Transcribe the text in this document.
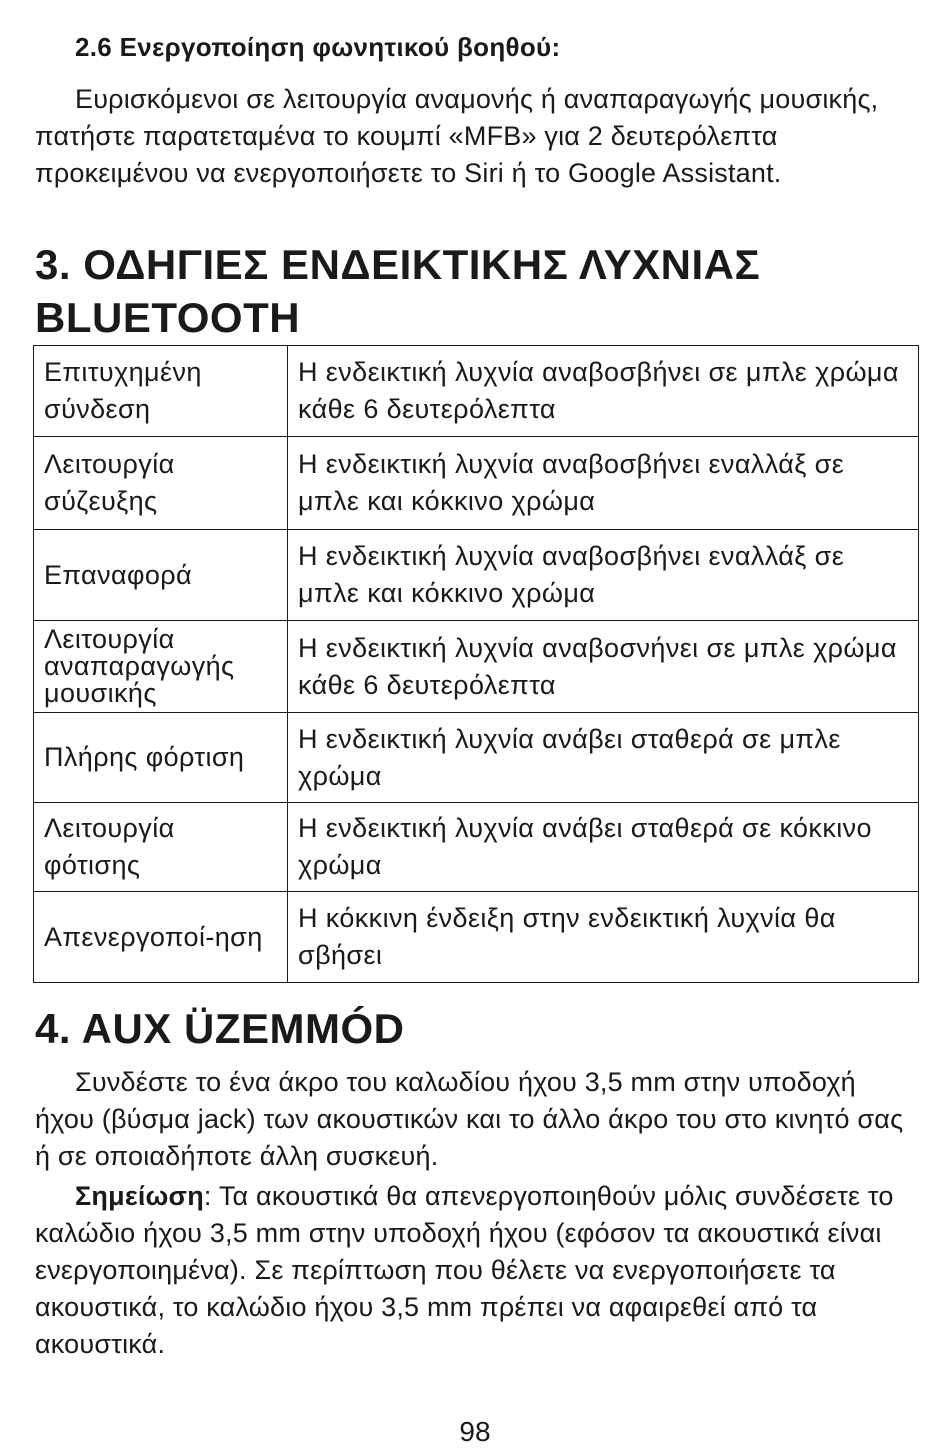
2.6 Ενεργοποίηση φωνητικού βοηθού:

Ευρισκόμενοι σε λειτουργία αναμονής ή αναπαραγωγής μουσικής, πατήστε παρατεταμένα το κουμπί «MFB» για 2 δευτερόλεπτα προκειμένου να ενεργοποιήσετε το Siri ή το Google Assistant.

3. ΟΔΗΓΙΕΣ ΕΝΔΕΙΚΤΙΚΗΣ ΛΥΧΝΙΑΣ
BLUETOOTH
Επιτυχημένη σύνδεση	Η ενδεικτική λυχνία αναβοσβήνει σε μπλε χρώμα κάθε 6 δευτερόλεπτα
Λειτουργία σύζευξης	Η ενδεικτική λυχνία αναβοσβήνει εναλλάξ σε μπλε και κόκκινο χρώμα
Επαναφορά	Η ενδεικτική λυχνία αναβοσβήνει εναλλάξ σε μπλε και κόκκινο χρώμα
Λειτουργία αναπαραγωγής μουσικής	Η ενδεικτική λυχνία αναβοσνήνει σε μπλε χρώμα κάθε 6 δευτερόλεπτα
Πλήρης φόρτιση	Η ενδεικτική λυχνία ανάβει σταθερά σε μπλε χρώμα
Λειτουργία φότισης	Η ενδεικτική λυχνία ανάβει σταθερά σε κόκκινο χρώμα
Απενεργοποί-ηση	Η κόκκινη ένδειξη στην ενδεικτική λυχνία θα σβήσει
4. AUX ÜZEMMÓD

Συνδέστε το ένα άκρο του καλωδίου ήχου 3,5 mm στην υποδοχή ήχου (βύσμα jack) των ακουστικών και το άλλο άκρο του στο κινητό σας ή σε οποιαδήποτε άλλη συσκευή.

Σημείωση: Τα ακουστικά θα απενεργοποιηθούν μόλις συνδέσετε το καλώδιο ήχου 3,5 mm στην υποδοχή ήχου (εφόσον τα ακουστικά είναι ενεργοποιημένα). Σε περίπτωση που θέλετε να ενεργοποιήσετε τα ακουστικά, το καλώδιο ήχου 3,5 mm πρέπει να αφαιρεθεί από τα ακουστικά.

98
